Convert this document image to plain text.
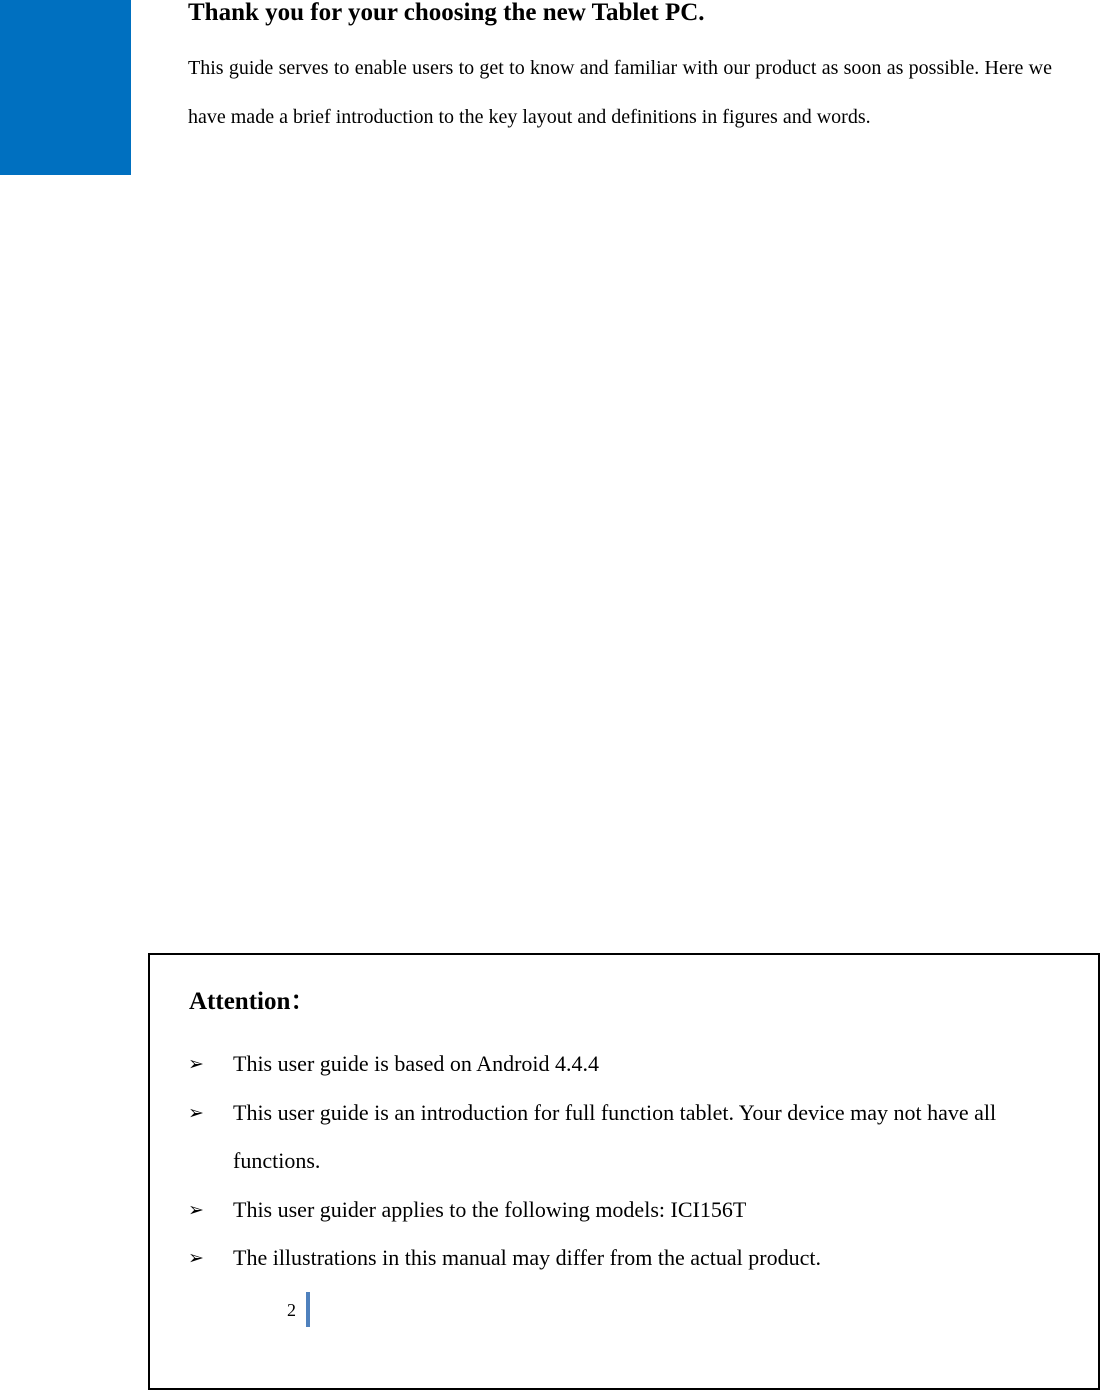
Thank you for your choosing the new Tablet PC.

This guide serves to enable users to get to know and familiar with our product as soon as possible. Here we have made a brief introduction to the key layout and definitions in figures and words.

Attention：
➢ This user guide is based on Android 4.4.4
➢ This user guide is an introduction for full function tablet. Your device may not have all functions.
➢ This user guider applies to the following models: ICI156T
➢ The illustrations in this manual may differ from the actual product.
2
